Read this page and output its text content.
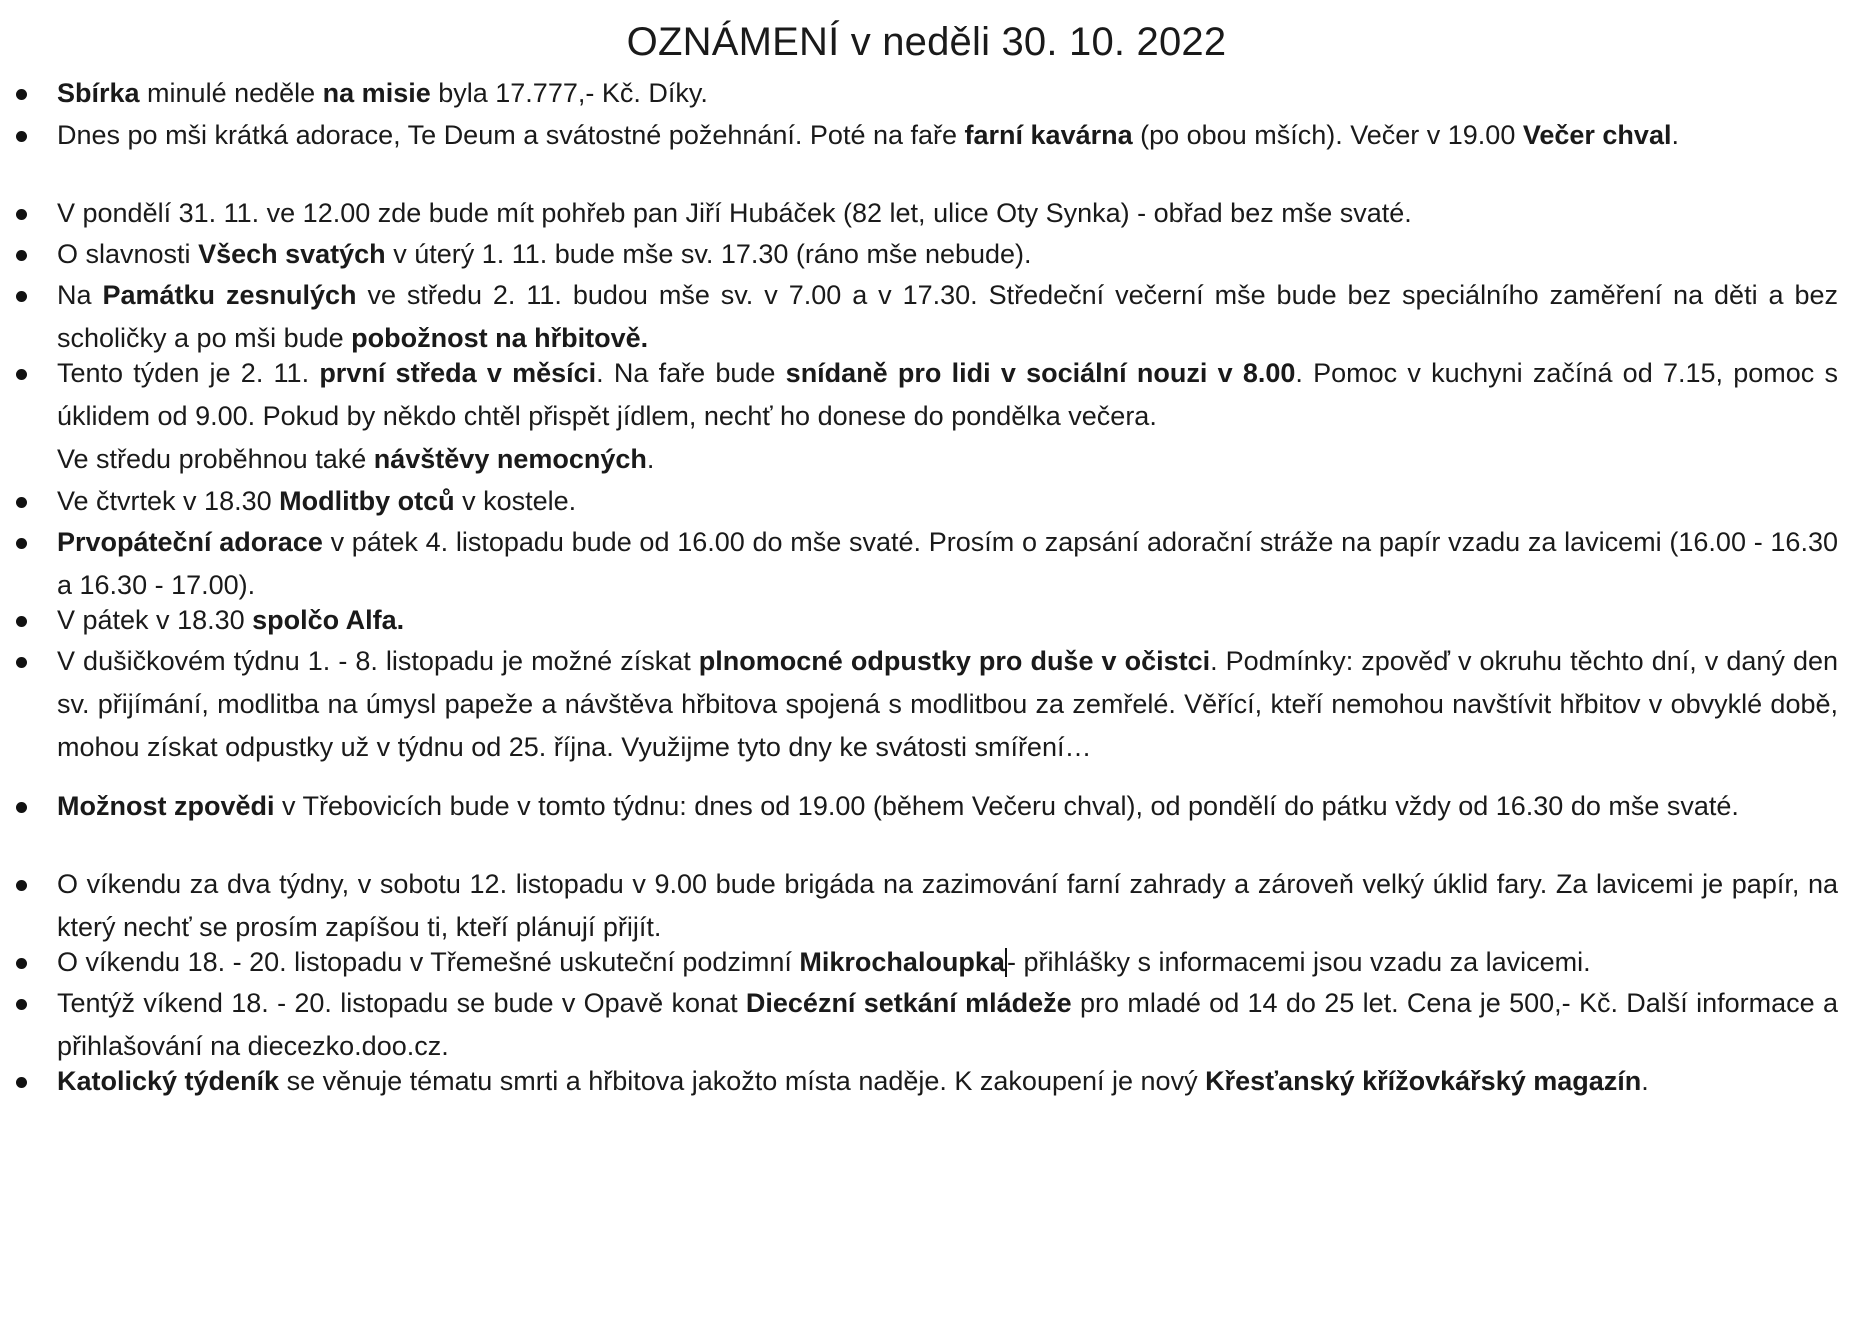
OZNÁMENÍ v neděli 30. 10. 2022
Sbírka minulé neděle na misie byla 17.777,- Kč. Díky.
Dnes po mši krátká adorace, Te Deum a svátostné požehnání. Poté na faře farní kavárna (po obou mších). Večer v 19.00 Večer chval.
V pondělí 31. 11. ve 12.00 zde bude mít pohřeb pan Jiří Hubáček (82 let, ulice Oty Synka) - obřad bez mše svaté.
O slavnosti Všech svatých v úterý 1. 11. bude mše sv. 17.30 (ráno mše nebude).
Na Památku zesnulých ve středu 2. 11. budou mše sv. v 7.00 a v 17.30. Středeční večerní mše bude bez speciálního zaměření na děti a bez scholičky a po mši bude pobožnost na hřbitově.
Tento týden je 2. 11. první středa v měsíci. Na faře bude snídaně pro lidi v sociální nouzi v 8.00. Pomoc v kuchyni začíná od 7.15, pomoc s úklidem od 9.00. Pokud by někdo chtěl přispět jídlem, nechť ho donese do pondělka večera.
Ve středu proběhnou také návštěvy nemocných.
Ve čtvrtek v 18.30 Modlitby otců v kostele.
Prvopáteční adorace v pátek 4. listopadu bude od 16.00 do mše svaté. Prosím o zapsání adorační stráže na papír vzadu za lavicemi (16.00 - 16.30 a 16.30 - 17.00).
V pátek v 18.30 spolčo Alfa.
V dušičkovém týdnu 1. - 8. listopadu je možné získat plnomocné odpustky pro duše v očistci. Podmínky: zpověď v okruhu těchto dní, v daný den sv. přijímání, modlitba na úmysl papeže a návštěva hřbitova spojená s modlitbou za zemřelé. Věřící, kteří nemohou navštívit hřbitov v obvyklé době, mohou získat odpustky už v týdnu od 25. října. Využijme tyto dny ke svátosti smíření…
Možnost zpovědi v Třebovicích bude v tomto týdnu: dnes od 19.00 (během Večeru chval), od pondělí do pátku vždy od 16.30 do mše svaté.
O víkendu za dva týdny, v sobotu 12. listopadu v 9.00 bude brigáda na zazimování farní zahrady a zároveň velký úklid fary. Za lavicemi je papír, na který nechť se prosím zapíšou ti, kteří plánují přijít.
O víkendu 18. - 20. listopadu v Třemešné uskuteční podzimní Mikrochaloupka- přihlášky s informacemi jsou vzadu za lavicemi.
Tentýž víkend 18. - 20. listopadu se bude v Opavě konat Diecézní setkání mládeže pro mladé od 14 do 25 let. Cena je 500,- Kč. Další informace a přihlašování na diecezko.doo.cz.
Katolický týdeník se věnuje tématu smrti a hřbitova jakožto místa naděje. K zakoupení je nový Křesťanský křížovkářský magazín.
